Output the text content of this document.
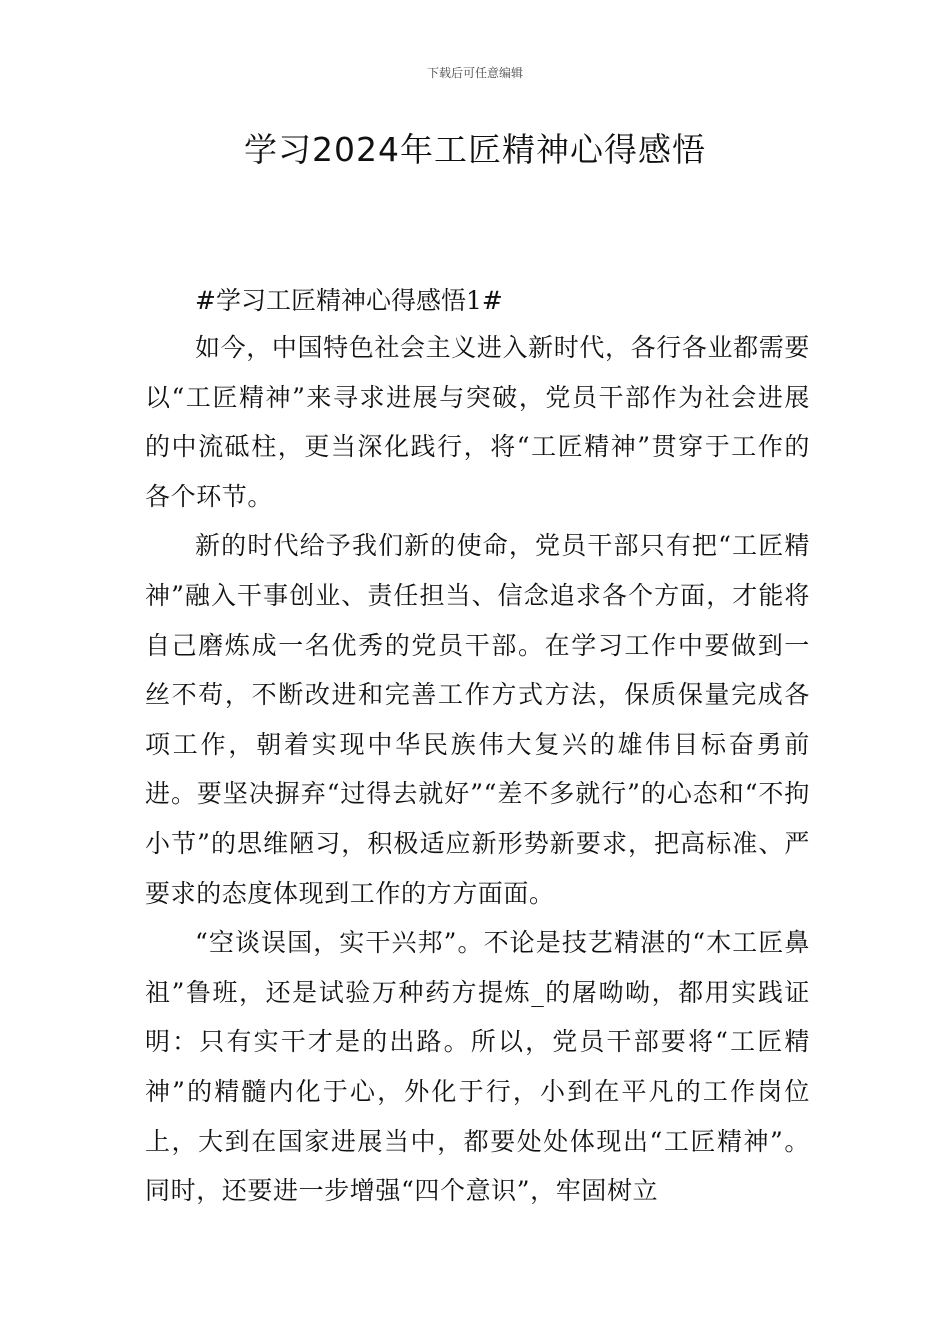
下载后可任意编辑
学习2024年工匠精神心得感悟

#学习工匠精神心得感悟1#

如今，中国特色社会主义进入新时代，各行各业都需要以“工匠精神”来寻求进展与突破，党员干部作为社会进展的中流砥柱，更当深化践行，将“工匠精神”贯穿于工作的各个环节。

新的时代给予我们新的使命，党员干部只有把“工匠精神”融入干事创业、责任担当、信念追求各个方面，才能将自己磨炼成一名优秀的党员干部。在学习工作中要做到一丝不苟，不断改进和完善工作方式方法，保质保量完成各项工作，朝着实现中华民族伟大复兴的雄伟目标奋勇前进。要坚决摒弃“过得去就好”“差不多就行”的心态和“不拘小节”的思维陋习，积极适应新形势新要求，把高标准、严要求的态度体现到工作的方方面面。

“空谈误国，实干兴邦”。不论是技艺精湛的“木工匠鼻祖”鲁班，还是试验万种药方提炼_的屠呦呦，都用实践证明：只有实干才是的出路。所以，党员干部要将“工匠精神”的精髓内化于心，外化于行，小到在平凡的工作岗位上，大到在国家进展当中，都要处处体现出“工匠精神”。同时，还要进一步增强“四个意识”，牢固树立
